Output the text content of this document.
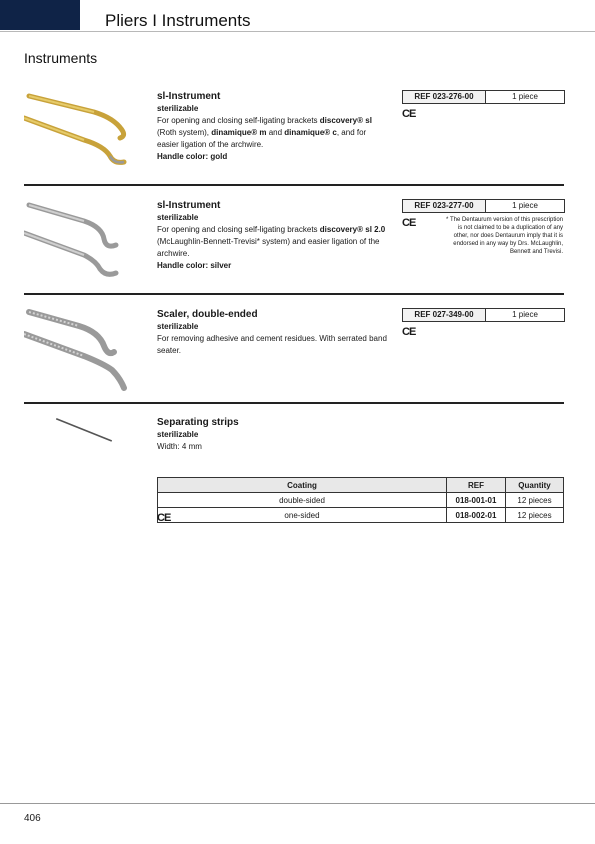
Pliers I Instruments
Instruments
sl-Instrument
sterilizable
For opening and closing self-ligating brackets discovery® sl (Roth system), dinamique® m and dinamique® c, and for easier ligation of the archwire.
Handle color: gold
REF 023-276-00	1 piece
CE
sl-Instrument
sterilizable
For opening and closing self-ligating brackets discovery® sl 2.0 (McLaughlin-Bennett-Trevisi* system) and easier ligation of the archwire.
Handle color: silver
REF 023-277-00	1 piece
CE	* The Dentaurum version of this prescription is not claimed to be a duplication of any other, nor does Dentaurum imply that it is endorsed in any way by Drs. McLaughlin, Bennett and Trevisi.
Scaler, double-ended
sterilizable
For removing adhesive and cement residues. With serrated band seater.
REF 027-349-00	1 piece
CE
Separating strips
sterilizable
Width: 4 mm
Coating	REF	Quantity
double-sided	018-001-01	12 pieces
one-sided	018-002-01	12 pieces
CE
406
